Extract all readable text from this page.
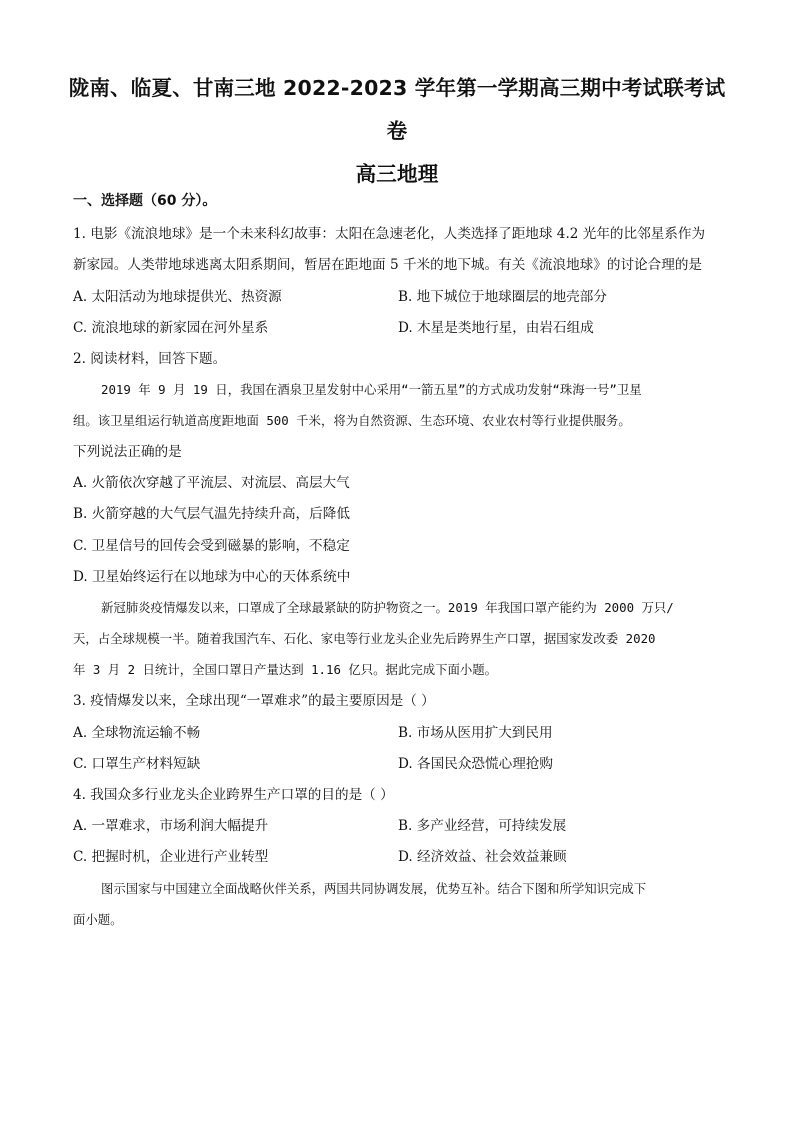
陇南、临夏、甘南三地 2022-2023 学年第一学期高三期中考试联考试
卷
高三地理
一、选择题（60 分）。
1. 电影《流浪地球》是一个未来科幻故事：太阳在急速老化，人类选择了距地球 4.2 光年的比邻星系作为
新家园。人类带地球逃离太阳系期间，暂居在距地面 5 千米的地下城。有关《流浪地球》的讨论合理的是
A. 太阳活动为地球提供光、热资源	B. 地下城位于地球圈层的地壳部分
C. 流浪地球的新家园在河外星系	D. 木星是类地行星，由岩石组成
2. 阅读材料，回答下题。
2019 年 9 月 19 日，我国在酒泉卫星发射中心采用“一箭五星”的方式成功发射“珠海一号”卫星
组。该卫星组运行轨道高度距地面 500 千米，将为自然资源、生态环境、农业农村等行业提供服务。
下列说法正确的是
A. 火箭依次穿越了平流层、对流层、高层大气
B. 火箭穿越的大气层气温先持续升高，后降低
C. 卫星信号的回传会受到磁暴的影响，不稳定
D. 卫星始终运行在以地球为中心的天体系统中
新冠肺炎疫情爆发以来，口罩成了全球最紧缺的防护物资之一。2019 年我国口罩产能约为 2000 万只/
天，占全球规模一半。随着我国汽车、石化、家电等行业龙头企业先后跨界生产口罩，据国家发改委 2020
年 3 月 2 日统计，全国口罩日产量达到 1.16 亿只。据此完成下面小题。
3. 疫情爆发以来，全球出现“一罩难求”的最主要原因是（ ）
A. 全球物流运输不畅	B. 市场从医用扩大到民用
C. 口罩生产材料短缺	D. 各国民众恐慌心理抢购
4. 我国众多行业龙头企业跨界生产口罩的目的是（ ）
A. 一罩难求，市场利润大幅提升	B. 多产业经营，可持续发展
C. 把握时机，企业进行产业转型	D. 经济效益、社会效益兼顾
图示国家与中国建立全面战略伙伴关系，两国共同协调发展，优势互补。结合下图和所学知识完成下
面小题。
